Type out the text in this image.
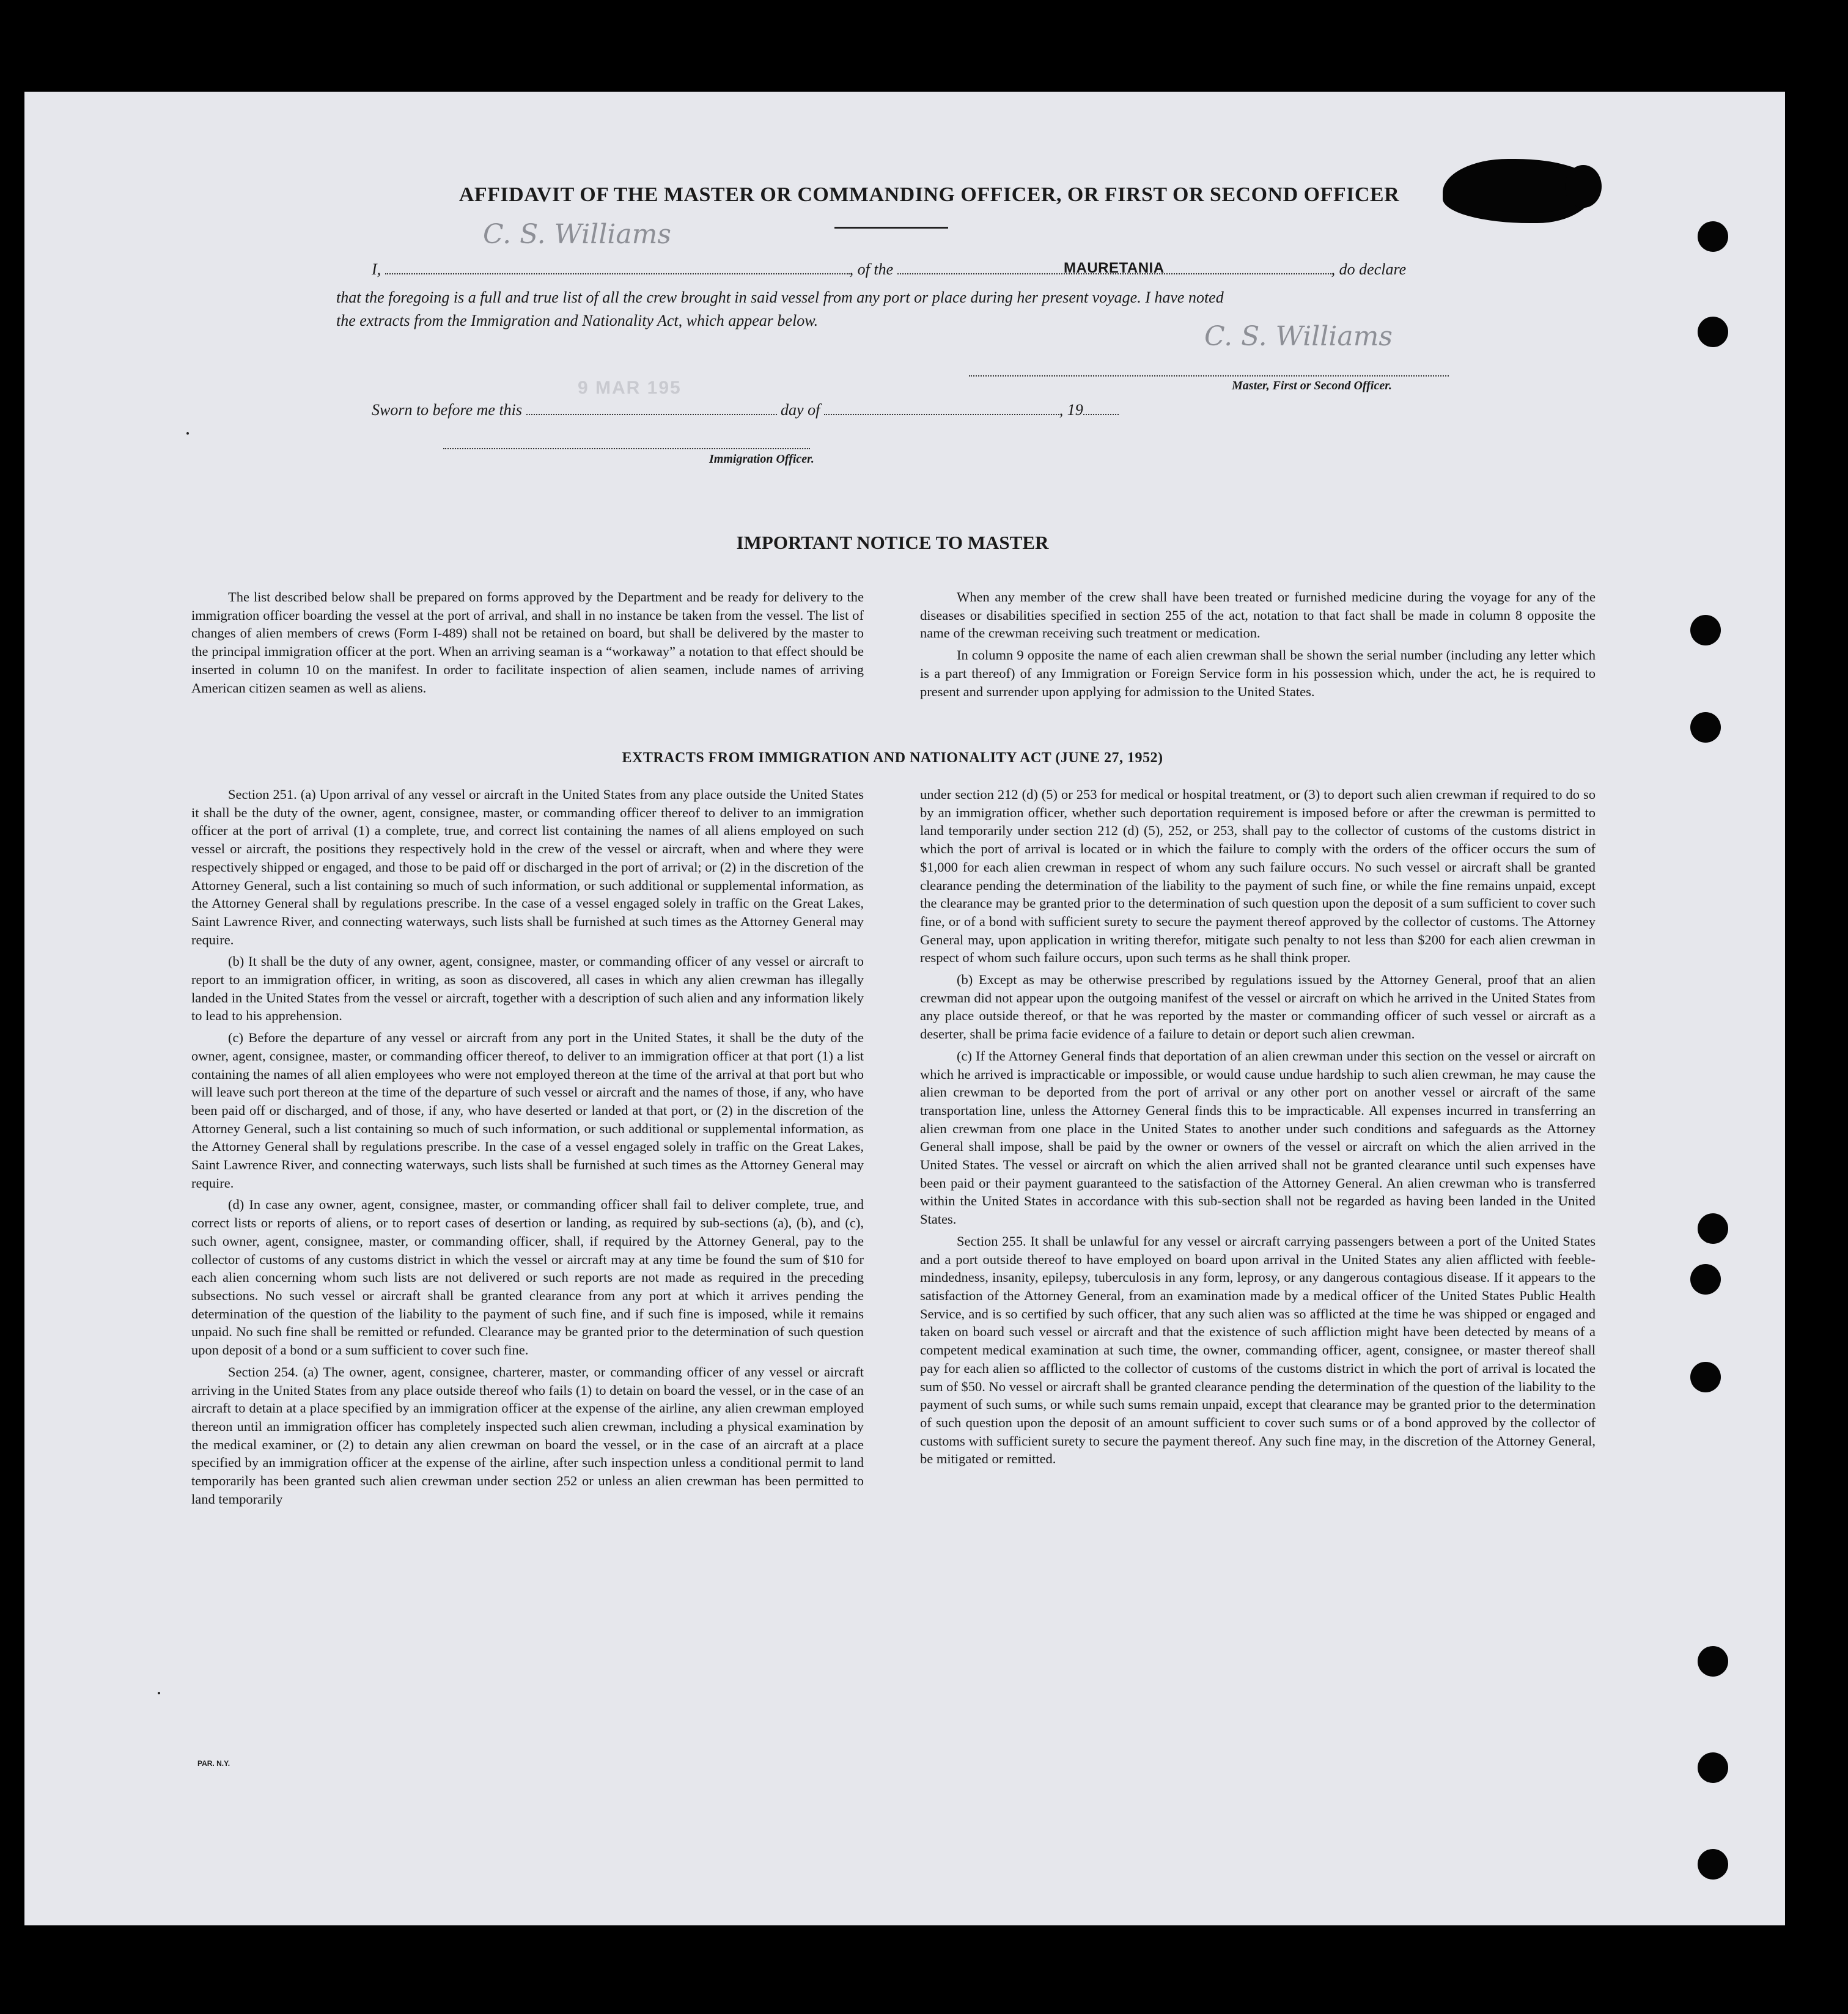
AFFIDAVIT OF THE MASTER OR COMMANDING OFFICER, OR FIRST OR SECOND OFFICER
C. S. Williams
I,	, of the	, do declare
MAURETANIA
that the foregoing is a full and true list of all the crew brought in said vessel from any port or place during her present voyage. I have noted
the extracts from the Immigration and Nationality Act, which appear below.
C. S. Williams
Master, First or Second Officer.
9 MAR 195
Sworn to before me this	day of	, 19
Immigration Officer.
IMPORTANT NOTICE TO MASTER

The list described below shall be prepared on forms approved by the Department and be ready for delivery to the immigration officer boarding the vessel at the port of arrival, and shall in no instance be taken from the vessel. The list of changes of alien members of crews (Form I-489) shall not be retained on board, but shall be delivered by the master to the principal immigration officer at the port. When an arriving seaman is a “workaway” a notation to that effect should be inserted in column 10 on the manifest. In order to facilitate inspection of alien seamen, include names of arriving American citizen seamen as well as aliens.

When any member of the crew shall have been treated or furnished medicine during the voyage for any of the diseases or disabilities specified in section 255 of the act, notation to that fact shall be made in column 8 opposite the name of the crewman receiving such treatment or medication.

In column 9 opposite the name of each alien crewman shall be shown the serial number (including any letter which is a part thereof) of any Immigration or Foreign Service form in his possession which, under the act, he is required to present and surrender upon applying for admission to the United States.

EXTRACTS FROM IMMIGRATION AND NATIONALITY ACT (JUNE 27, 1952)

Section 251. (a) Upon arrival of any vessel or aircraft in the United States from any place outside the United States it shall be the duty of the owner, agent, consignee, master, or commanding officer thereof to deliver to an immigration officer at the port of arrival (1) a complete, true, and correct list containing the names of all aliens employed on such vessel or aircraft, the positions they respectively hold in the crew of the vessel or aircraft, when and where they were respectively shipped or engaged, and those to be paid off or discharged in the port of arrival; or (2) in the discretion of the Attorney General, such a list containing so much of such information, or such additional or supplemental information, as the Attorney General shall by regulations prescribe. In the case of a vessel engaged solely in traffic on the Great Lakes, Saint Lawrence River, and connecting waterways, such lists shall be furnished at such times as the Attorney General may require.

(b) It shall be the duty of any owner, agent, consignee, master, or commanding officer of any vessel or aircraft to report to an immigration officer, in writing, as soon as discovered, all cases in which any alien crewman has illegally landed in the United States from the vessel or aircraft, together with a description of such alien and any information likely to lead to his apprehension.

(c) Before the departure of any vessel or aircraft from any port in the United States, it shall be the duty of the owner, agent, consignee, master, or commanding officer thereof, to deliver to an immigration officer at that port (1) a list containing the names of all alien employees who were not employed thereon at the time of the arrival at that port but who will leave such port thereon at the time of the departure of such vessel or aircraft and the names of those, if any, who have been paid off or discharged, and of those, if any, who have deserted or landed at that port, or (2) in the discretion of the Attorney General, such a list containing so much of such information, or such additional or supplemental information, as the Attorney General shall by regulations prescribe. In the case of a vessel engaged solely in traffic on the Great Lakes, Saint Lawrence River, and connecting waterways, such lists shall be furnished at such times as the Attorney General may require.

(d) In case any owner, agent, consignee, master, or commanding officer shall fail to deliver complete, true, and correct lists or reports of aliens, or to report cases of desertion or landing, as required by sub-sections (a), (b), and (c), such owner, agent, consignee, master, or commanding officer, shall, if required by the Attorney General, pay to the collector of customs of any customs district in which the vessel or aircraft may at any time be found the sum of $10 for each alien concerning whom such lists are not delivered or such reports are not made as required in the preceding subsections. No such vessel or aircraft shall be granted clearance from any port at which it arrives pending the determination of the question of the liability to the payment of such fine, and if such fine is imposed, while it remains unpaid. No such fine shall be remitted or refunded. Clearance may be granted prior to the determination of such question upon deposit of a bond or a sum sufficient to cover such fine.

Section 254. (a) The owner, agent, consignee, charterer, master, or commanding officer of any vessel or aircraft arriving in the United States from any place outside thereof who fails (1) to detain on board the vessel, or in the case of an aircraft to detain at a place specified by an immigration officer at the expense of the airline, any alien crewman employed thereon until an immigration officer has completely inspected such alien crewman, including a physical examination by the medical examiner, or (2) to detain any alien crewman on board the vessel, or in the case of an aircraft at a place specified by an immigration officer at the expense of the airline, after such inspection unless a conditional permit to land temporarily has been granted such alien crewman under section 252 or unless an alien crewman has been permitted to land temporarily

under section 212 (d) (5) or 253 for medical or hospital treatment, or (3) to deport such alien crewman if required to do so by an immigration officer, whether such deportation requirement is imposed before or after the crewman is permitted to land temporarily under section 212 (d) (5), 252, or 253, shall pay to the collector of customs of the customs district in which the port of arrival is located or in which the failure to comply with the orders of the officer occurs the sum of $1,000 for each alien crewman in respect of whom any such failure occurs. No such vessel or aircraft shall be granted clearance pending the determination of the liability to the payment of such fine, or while the fine remains unpaid, except the clearance may be granted prior to the determination of such question upon the deposit of a sum sufficient to cover such fine, or of a bond with sufficient surety to secure the payment thereof approved by the collector of customs. The Attorney General may, upon application in writing therefor, mitigate such penalty to not less than $200 for each alien crewman in respect of whom such failure occurs, upon such terms as he shall think proper.

(b) Except as may be otherwise prescribed by regulations issued by the Attorney General, proof that an alien crewman did not appear upon the outgoing manifest of the vessel or aircraft on which he arrived in the United States from any place outside thereof, or that he was reported by the master or commanding officer of such vessel or aircraft as a deserter, shall be prima facie evidence of a failure to detain or deport such alien crewman.

(c) If the Attorney General finds that deportation of an alien crewman under this section on the vessel or aircraft on which he arrived is impracticable or impossible, or would cause undue hardship to such alien crewman, he may cause the alien crewman to be deported from the port of arrival or any other port on another vessel or aircraft of the same transportation line, unless the Attorney General finds this to be impracticable. All expenses incurred in transferring an alien crewman from one place in the United States to another under such conditions and safeguards as the Attorney General shall impose, shall be paid by the owner or owners of the vessel or aircraft on which the alien arrived in the United States. The vessel or aircraft on which the alien arrived shall not be granted clearance until such expenses have been paid or their payment guaranteed to the satisfaction of the Attorney General. An alien crewman who is transferred within the United States in accordance with this sub-section shall not be regarded as having been landed in the United States.

Section 255. It shall be unlawful for any vessel or aircraft carrying passengers between a port of the United States and a port outside thereof to have employed on board upon arrival in the United States any alien afflicted with feeble-mindedness, insanity, epilepsy, tuberculosis in any form, leprosy, or any dangerous contagious disease. If it appears to the satisfaction of the Attorney General, from an examination made by a medical officer of the United States Public Health Service, and is so certified by such officer, that any such alien was so afflicted at the time he was shipped or engaged and taken on board such vessel or aircraft and that the existence of such affliction might have been detected by means of a competent medical examination at such time, the owner, commanding officer, agent, consignee, or master thereof shall pay for each alien so afflicted to the collector of customs of the customs district in which the port of arrival is located the sum of $50. No vessel or aircraft shall be granted clearance pending the determination of the question of the liability to the payment of such sums, or while such sums remain unpaid, except that clearance may be granted prior to the determination of such question upon the deposit of an amount sufficient to cover such sums or of a bond approved by the collector of customs with sufficient surety to secure the payment thereof. Any such fine may, in the discretion of the Attorney General, be mitigated or remitted.

PAR. N.Y.
